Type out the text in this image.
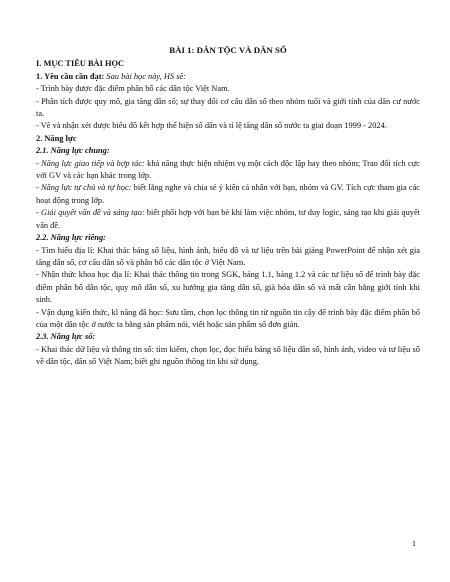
BÀI 1: DÂN TỘC VÀ DÂN SỐ

I. MỤC TIÊU BÀI HỌC

1. Yêu cầu cần đạt: Sau bài học này, HS sẽ:

- Trình bày được đặc điểm phân bố các dân tộc Việt Nam.

- Phân tích được quy mô, gia tăng dân số; sự thay đổi cơ cấu dân số theo nhóm tuổi và giới tính của dân cư nước ta.

- Vẽ và nhận xét được biểu đồ kết hợp thể hiện số dân và tỉ lệ tăng dân số nước ta giai đoạn 1999 - 2024.

2. Năng lực

2.1. Năng lực chung:

- Năng lực giao tiếp và hợp tác: khả năng thực hiện nhiệm vụ một cách độc lập hay theo nhóm; Trao đổi tích cực với GV và các bạn khác trong lớp.

- Năng lực tự chủ và tự học: biết lắng nghe và chia sẻ ý kiến cá nhân với bạn, nhóm và GV. Tích cực tham gia các hoạt động trong lớp.

- Giải quyết vấn đề và sáng tạo: biết phối hợp với bạn bè khi làm việc nhóm, tư duy logic, sáng tạo khi giải quyết vấn đề.

2.2. Năng lực riêng:

- Tìm hiểu địa lí: Khai thác bảng số liệu, hình ảnh, biểu đồ và tư liệu trên bài giảng PowerPoint để nhận xét gia tăng dân số, cơ cấu dân số và phân bố các dân tộc ở Việt Nam.

- Nhận thức khoa học địa lí: Khai thác thông tin trong SGK, bảng 1.1, bảng 1.2 và các tư liệu số để trình bày đặc điểm phân bố dân tộc, quy mô dân số, xu hướng gia tăng dân số, già hóa dân số và mất cân bằng giới tính khi sinh.

- Vận dụng kiến thức, kĩ năng đã học: Sưu tầm, chọn lọc thông tin từ nguồn tin cậy để trình bày đặc điểm phân bố của một dân tộc ở nước ta bằng sản phẩm nói, viết hoặc sản phẩm số đơn giản.

2.3. Năng lực số:

- Khai thác dữ liệu và thông tin số: tìm kiếm, chọn lọc, đọc hiểu bảng số liệu dân số, hình ảnh, video và tư liệu số về dân tộc, dân số Việt Nam; biết ghi nguồn thông tin khi sử dụng.

1
